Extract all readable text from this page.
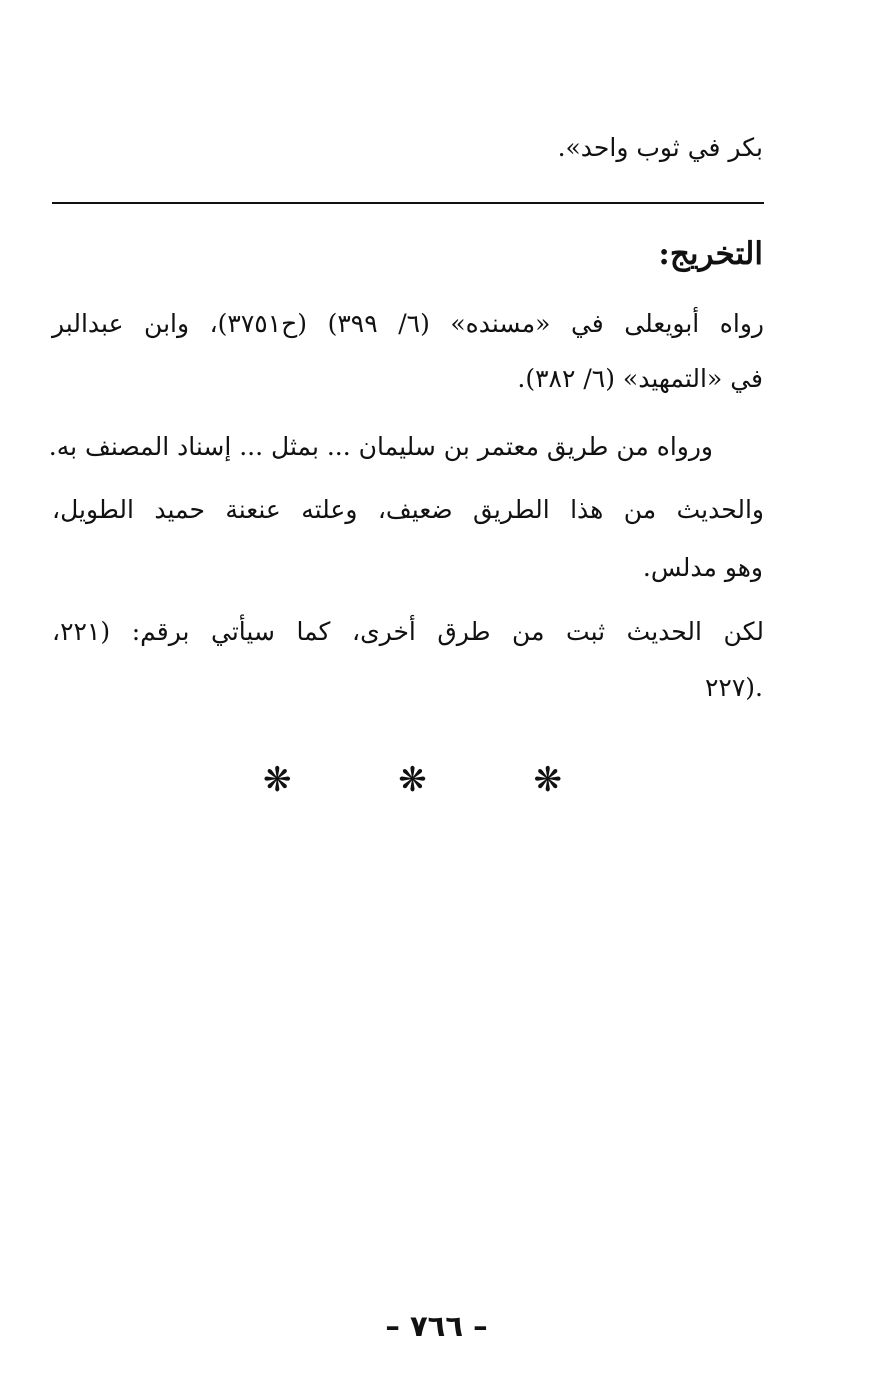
بكر في ثوب واحد».
التخريج:
رواه أبويعلى في «مسنده» (٦/ ٣٩٩) (ح٣٧٥١)، وابن عبدالبر
في «التمهيد» (٦/ ٣٨٢).
ورواه من طريق معتمر بن سليمان ... بمثل ... إسناد المصنف به.
والحديث من هذا الطريق ضعيف، وعلته عنعنة حميد الطويل،
وهو مدلس.
لكن الحديث ثبت من طرق أخرى، كما سيأتي برقم: (٢٢١،
٢٢٧).
❋ ❋ ❋
– ٧٦٦ –
